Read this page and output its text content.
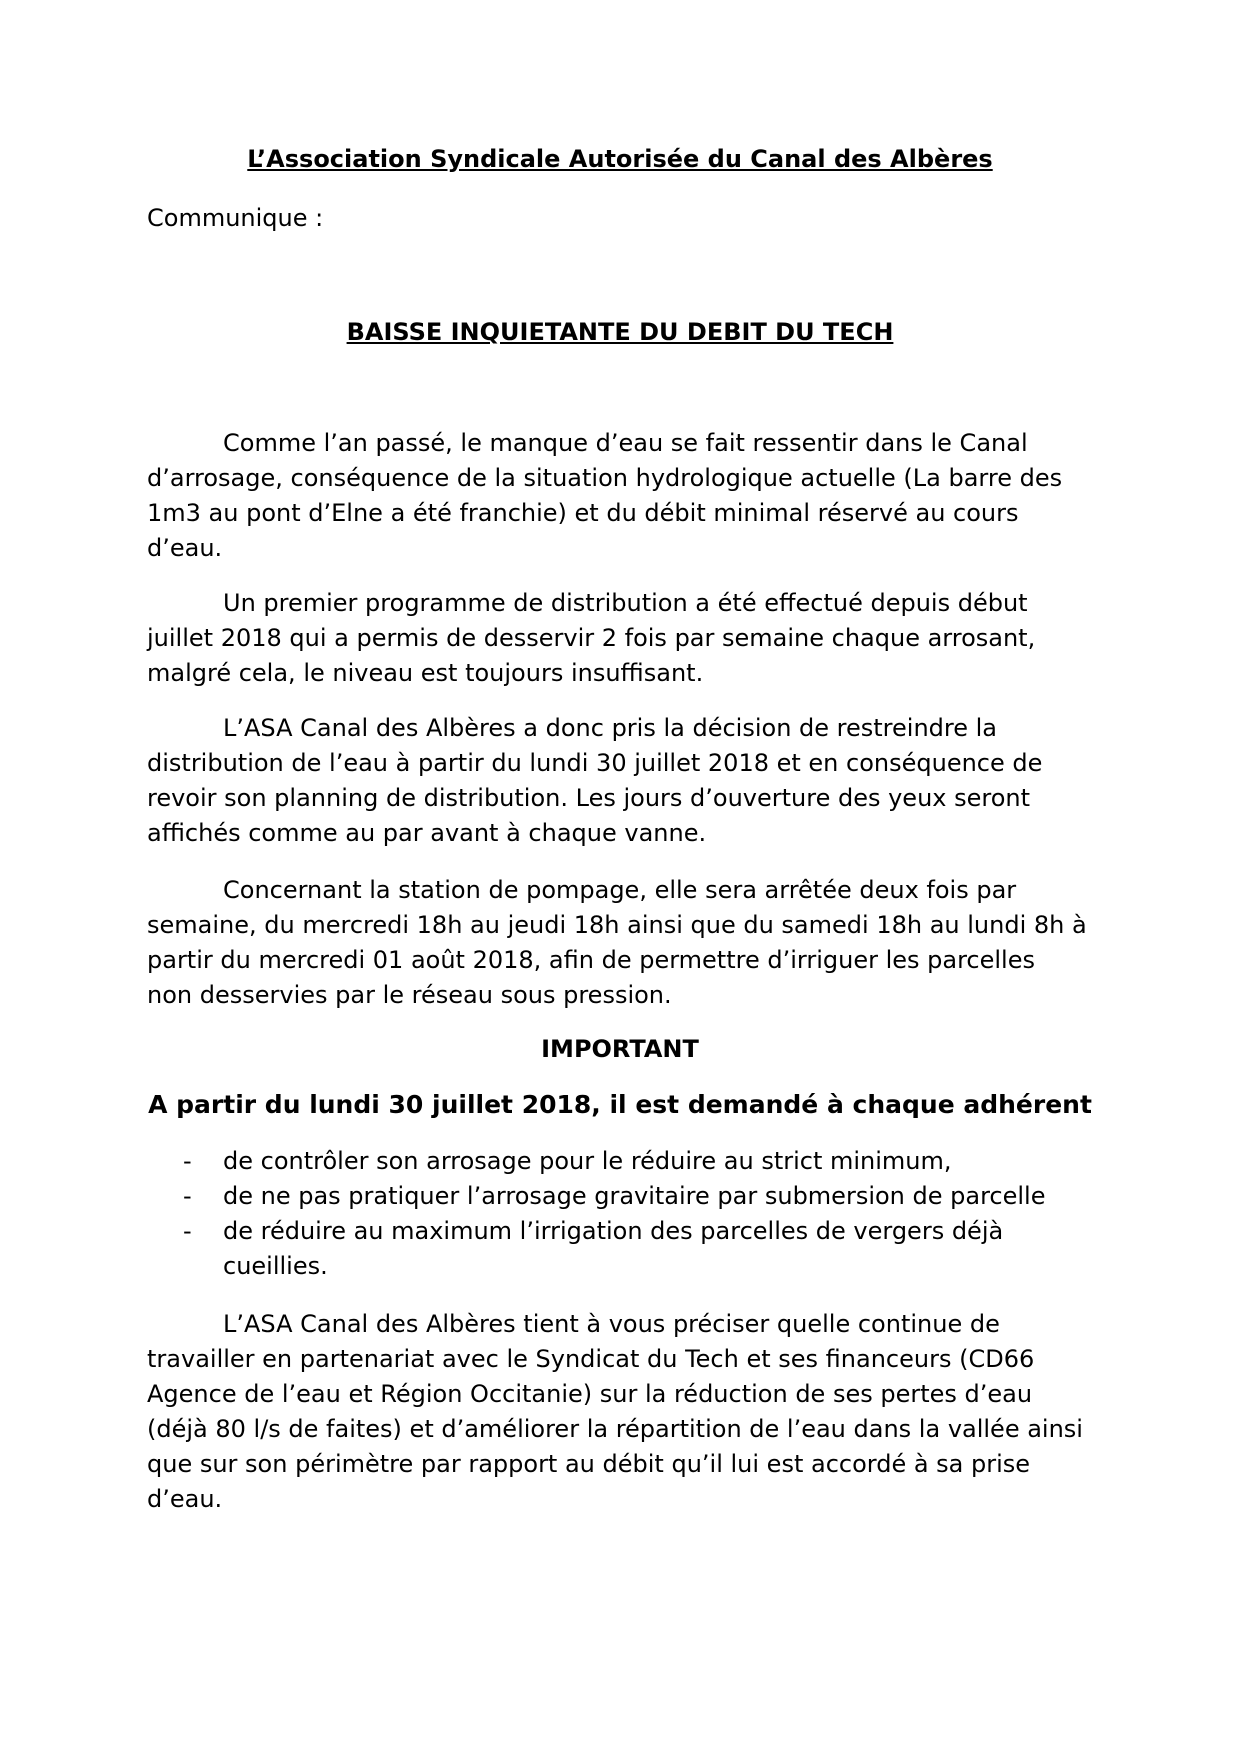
L’Association Syndicale Autorisée du Canal des Albères

Communique :

BAISSE INQUIETANTE DU DEBIT DU TECH

Comme l’an passé, le manque d’eau se fait ressentir dans le Canal d’arrosage, conséquence de la situation hydrologique actuelle (La barre des 1m3 au pont d’Elne a été franchie) et du débit minimal réservé au cours d’eau.

Un premier programme de distribution a été effectué depuis début juillet 2018 qui a permis de desservir 2 fois par semaine chaque arrosant, malgré cela, le niveau est toujours insuffisant.

L’ASA Canal des Albères a donc pris la décision de restreindre la distribution de l’eau à partir du lundi 30 juillet 2018 et en conséquence de revoir son planning de distribution. Les jours d’ouverture des yeux seront affichés comme au par avant à chaque vanne.

Concernant la station de pompage, elle sera arrêtée deux fois par semaine, du mercredi 18h au jeudi 18h ainsi que du samedi 18h au lundi 8h à partir du mercredi 01 août 2018, afin de permettre d’irriguer les parcelles non desservies par le réseau sous pression.

IMPORTANT
A partir du lundi 30 juillet 2018, il est demandé à chaque adhérent
- de contrôler son arrosage pour le réduire au strict minimum,
- de ne pas pratiquer l’arrosage gravitaire par submersion de parcelle
- de réduire au maximum l’irrigation des parcelles de vergers déjà cueillies.

L’ASA Canal des Albères tient à vous préciser quelle continue de travailler en partenariat avec le Syndicat du Tech et ses financeurs (CD66 Agence de l’eau et Région Occitanie) sur la réduction de ses pertes d’eau (déjà 80 l/s de faites) et d’améliorer la répartition de l’eau dans la vallée ainsi que sur son périmètre par rapport au débit qu’il lui est accordé à sa prise d’eau.
